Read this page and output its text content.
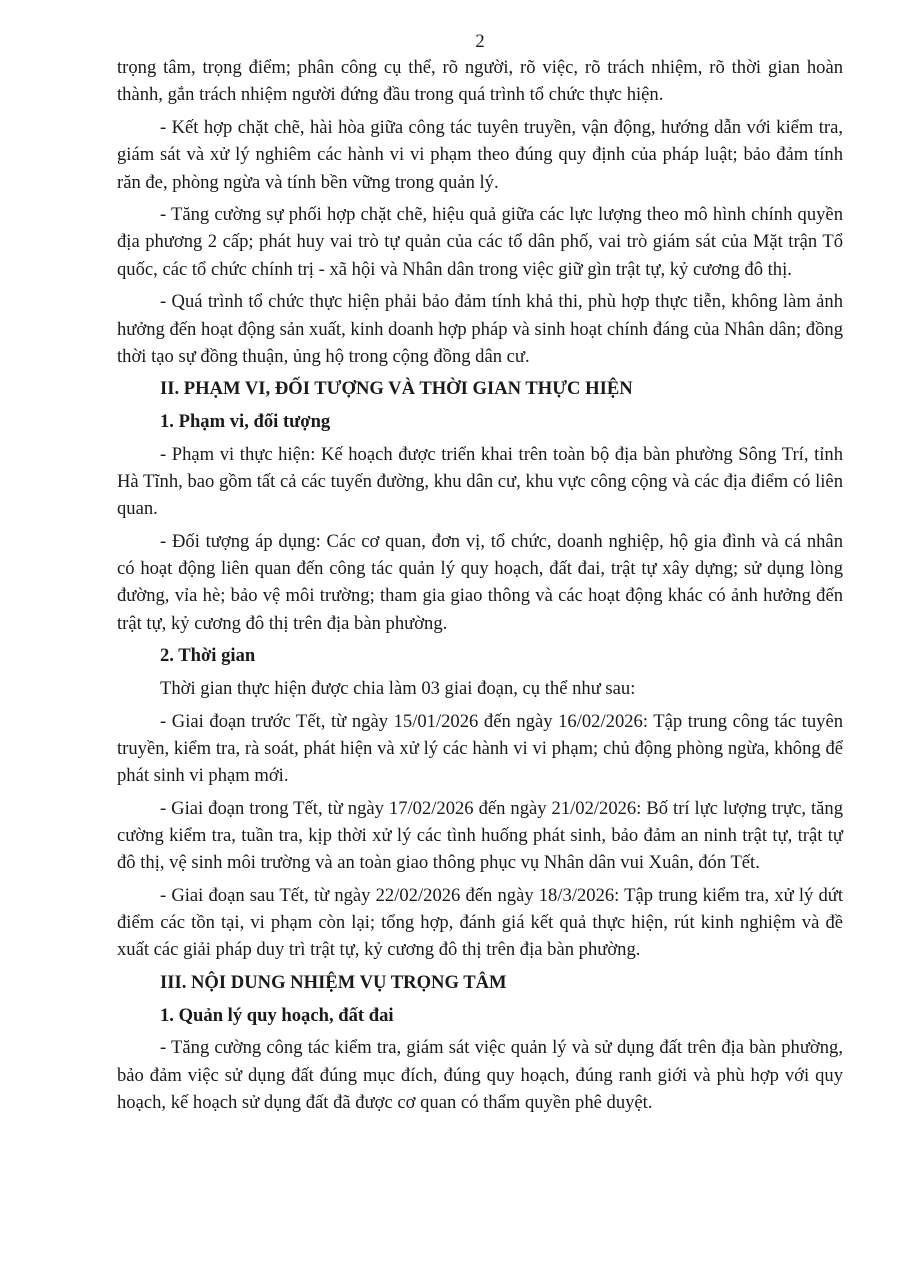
2

trọng tâm, trọng điểm; phân công cụ thể, rõ người, rõ việc, rõ trách nhiệm, rõ thời gian hoàn thành, gắn trách nhiệm người đứng đầu trong quá trình tổ chức thực hiện.

- Kết hợp chặt chẽ, hài hòa giữa công tác tuyên truyền, vận động, hướng dẫn với kiểm tra, giám sát và xử lý nghiêm các hành vi vi phạm theo đúng quy định của pháp luật; bảo đảm tính răn đe, phòng ngừa và tính bền vững trong quản lý.

- Tăng cường sự phối hợp chặt chẽ, hiệu quả giữa các lực lượng theo mô hình chính quyền địa phương 2 cấp; phát huy vai trò tự quản của các tổ dân phố, vai trò giám sát của Mặt trận Tổ quốc, các tổ chức chính trị - xã hội và Nhân dân trong việc giữ gìn trật tự, kỷ cương đô thị.

- Quá trình tổ chức thực hiện phải bảo đảm tính khả thi, phù hợp thực tiễn, không làm ảnh hưởng đến hoạt động sản xuất, kinh doanh hợp pháp và sinh hoạt chính đáng của Nhân dân; đồng thời tạo sự đồng thuận, ủng hộ trong cộng đồng dân cư.

II. PHẠM VI, ĐỐI TƯỢNG VÀ THỜI GIAN THỰC HIỆN
1. Phạm vi, đối tượng

- Phạm vi thực hiện: Kế hoạch được triển khai trên toàn bộ địa bàn phường Sông Trí, tỉnh Hà Tĩnh, bao gồm tất cả các tuyến đường, khu dân cư, khu vực công cộng và các địa điểm có liên quan.

- Đối tượng áp dụng: Các cơ quan, đơn vị, tổ chức, doanh nghiệp, hộ gia đình và cá nhân có hoạt động liên quan đến công tác quản lý quy hoạch, đất đai, trật tự xây dựng; sử dụng lòng đường, vỉa hè; bảo vệ môi trường; tham gia giao thông và các hoạt động khác có ảnh hưởng đến trật tự, kỷ cương đô thị trên địa bàn phường.

2. Thời gian

Thời gian thực hiện được chia làm 03 giai đoạn, cụ thể như sau:

- Giai đoạn trước Tết, từ ngày 15/01/2026 đến ngày 16/02/2026: Tập trung công tác tuyên truyền, kiểm tra, rà soát, phát hiện và xử lý các hành vi vi phạm; chủ động phòng ngừa, không để phát sinh vi phạm mới.

- Giai đoạn trong Tết, từ ngày 17/02/2026 đến ngày 21/02/2026: Bố trí lực lượng trực, tăng cường kiểm tra, tuần tra, kịp thời xử lý các tình huống phát sinh, bảo đảm an ninh trật tự, trật tự đô thị, vệ sinh môi trường và an toàn giao thông phục vụ Nhân dân vui Xuân, đón Tết.

- Giai đoạn sau Tết, từ ngày 22/02/2026 đến ngày 18/3/2026: Tập trung kiểm tra, xử lý dứt điểm các tồn tại, vi phạm còn lại; tổng hợp, đánh giá kết quả thực hiện, rút kinh nghiệm và đề xuất các giải pháp duy trì trật tự, kỷ cương đô thị trên địa bàn phường.

III. NỘI DUNG NHIỆM VỤ TRỌNG TÂM
1. Quản lý quy hoạch, đất đai

- Tăng cường công tác kiểm tra, giám sát việc quản lý và sử dụng đất trên địa bàn phường, bảo đảm việc sử dụng đất đúng mục đích, đúng quy hoạch, đúng ranh giới và phù hợp với quy hoạch, kế hoạch sử dụng đất đã được cơ quan có thẩm quyền phê duyệt.
